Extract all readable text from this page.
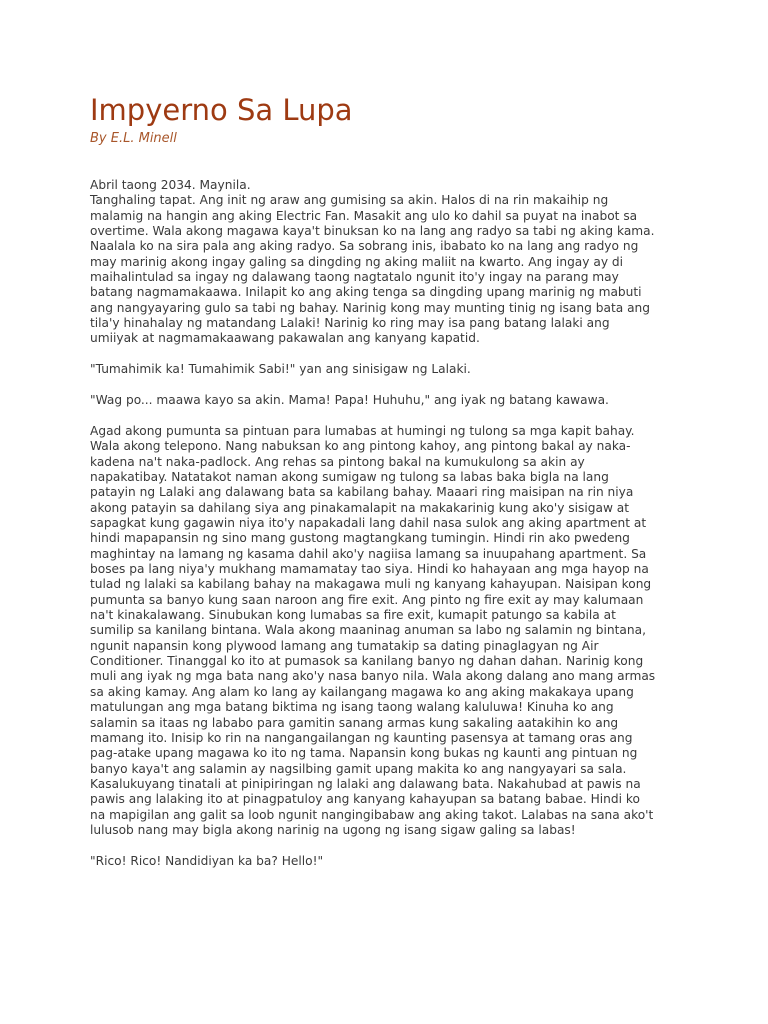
Impyerno Sa Lupa
By E.L. Minell
Abril taong 2034. Maynila.
Tanghaling tapat. Ang init ng araw ang gumising sa akin. Halos di na rin makaihip ng
malamig na hangin ang aking Electric Fan. Masakit ang ulo ko dahil sa puyat na inabot sa
overtime. Wala akong magawa kaya't binuksan ko na lang ang radyo sa tabi ng aking kama.
Naalala ko na sira pala ang aking radyo. Sa sobrang inis, ibabato ko na lang ang radyo ng
may marinig akong ingay galing sa dingding ng aking maliit na kwarto. Ang ingay ay di
maihalintulad sa ingay ng dalawang taong nagtatalo ngunit ito'y ingay na parang may
batang nagmamakaawa. Inilapit ko ang aking tenga sa dingding upang marinig ng mabuti
ang nangyayaring gulo sa tabi ng bahay. Narinig kong may munting tinig ng isang bata ang
tila'y hinahalay ng matandang Lalaki! Narinig ko ring may isa pang batang lalaki ang
umiiyak at nagmamakaawang pakawalan ang kanyang kapatid.
"Tumahimik ka! Tumahimik Sabi!" yan ang sinisigaw ng Lalaki.
"Wag po... maawa kayo sa akin. Mama! Papa! Huhuhu," ang iyak ng batang kawawa.
Agad akong pumunta sa pintuan para lumabas at humingi ng tulong sa mga kapit bahay.
Wala akong telepono. Nang nabuksan ko ang pintong kahoy, ang pintong bakal ay naka-
kadena na't naka-padlock. Ang rehas sa pintong bakal na kumukulong sa akin ay
napakatibay. Natatakot naman akong sumigaw ng tulong sa labas baka bigla na lang
patayin ng Lalaki ang dalawang bata sa kabilang bahay. Maaari ring maisipan na rin niya
akong patayin sa dahilang siya ang pinakamalapit na makakarinig kung ako'y sisigaw at
sapagkat kung gagawin niya ito'y napakadali lang dahil nasa sulok ang aking apartment at
hindi mapapansin ng sino mang gustong magtangkang tumingin. Hindi rin ako pwedeng
maghintay na lamang ng kasama dahil ako'y nagiisa lamang sa inuupahang apartment. Sa
boses pa lang niya'y mukhang mamamatay tao siya. Hindi ko hahayaan ang mga hayop na
tulad ng lalaki sa kabilang bahay na makagawa muli ng kanyang kahayupan. Naisipan kong
pumunta sa banyo kung saan naroon ang fire exit. Ang pinto ng fire exit ay may kalumaan
na't kinakalawang. Sinubukan kong lumabas sa fire exit, kumapit patungo sa kabila at
sumilip sa kanilang bintana. Wala akong maaninag anuman sa labo ng salamin ng bintana,
ngunit napansin kong plywood lamang ang tumatakip sa dating pinaglagyan ng Air
Conditioner. Tinanggal ko ito at pumasok sa kanilang banyo ng dahan dahan. Narinig kong
muli ang iyak ng mga bata nang ako'y nasa banyo nila. Wala akong dalang ano mang armas
sa aking kamay. Ang alam ko lang ay kailangang magawa ko ang aking makakaya upang
matulungan ang mga batang biktima ng isang taong walang kaluluwa! Kinuha ko ang
salamin sa itaas ng lababo para gamitin sanang armas kung sakaling aatakihin ko ang
mamang ito. Inisip ko rin na nangangailangan ng kaunting pasensya at tamang oras ang
pag-atake upang magawa ko ito ng tama. Napansin kong bukas ng kaunti ang pintuan ng
banyo kaya't ang salamin ay nagsilbing gamit upang makita ko ang nangyayari sa sala.
Kasalukuyang tinatali at pinipiringan ng lalaki ang dalawang bata. Nakahubad at pawis na
pawis ang lalaking ito at pinagpatuloy ang kanyang kahayupan sa batang babae. Hindi ko
na mapigilan ang galit sa loob ngunit nangingibabaw ang aking takot. Lalabas na sana ako't
lulusob nang may bigla akong narinig na ugong ng isang sigaw galing sa labas!
"Rico! Rico! Nandidiyan ka ba? Hello!"
